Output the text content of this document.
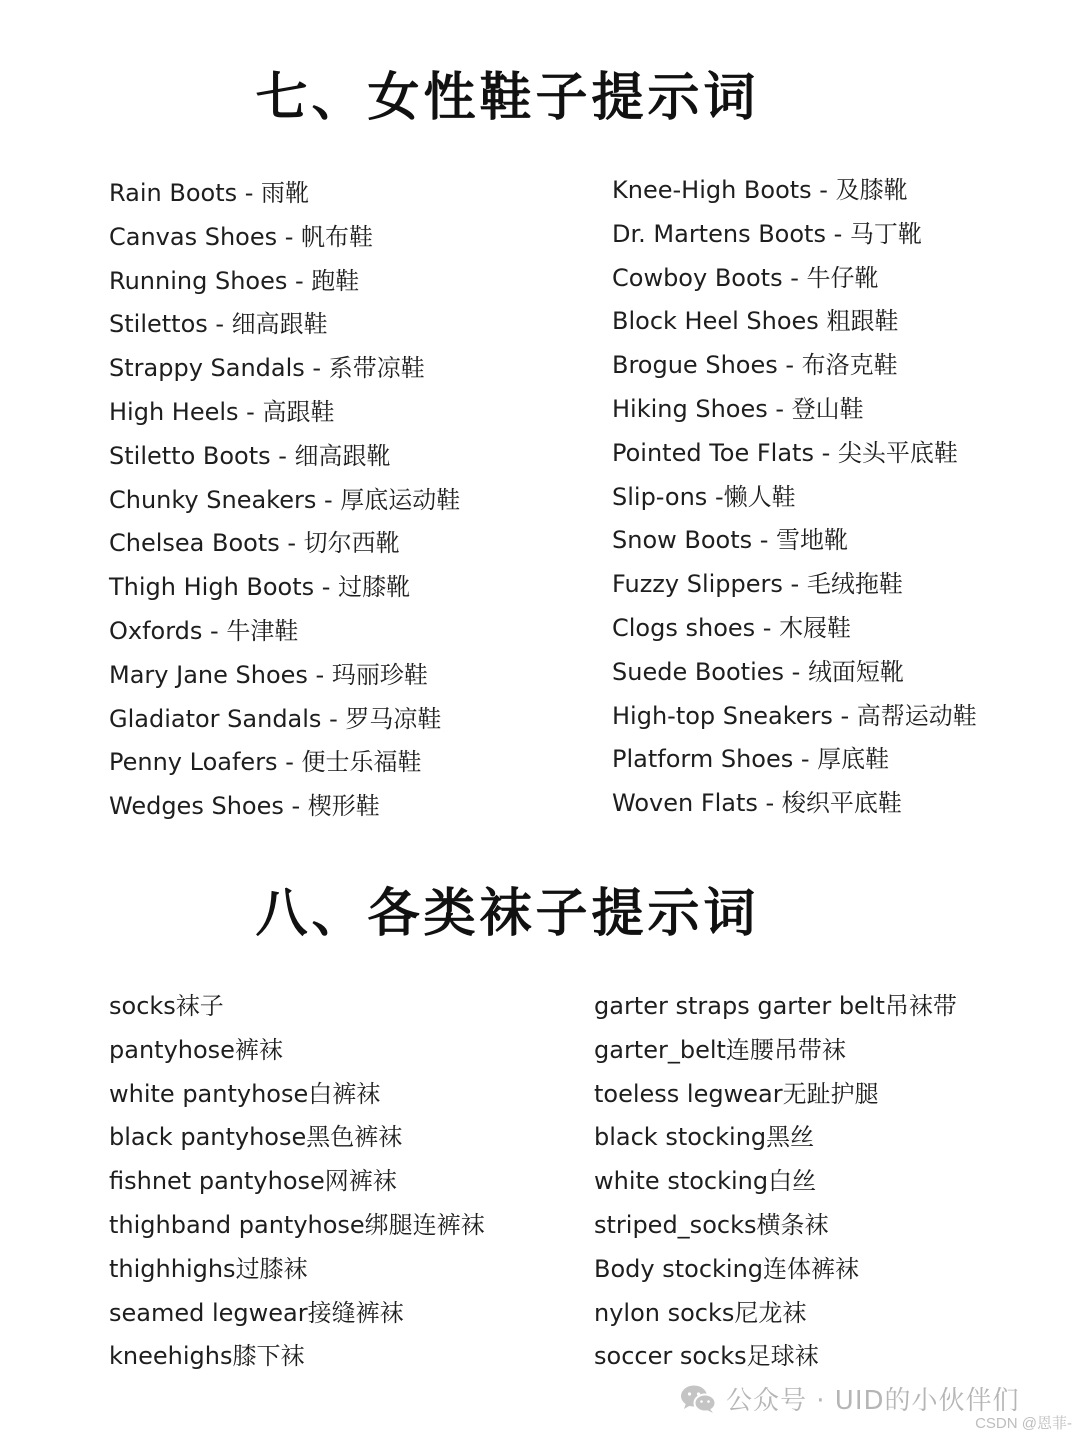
七、女性鞋子提示词
Rain Boots - 雨靴
Canvas Shoes - 帆布鞋
Running Shoes - 跑鞋
Stilettos - 细高跟鞋
Strappy Sandals - 系带凉鞋
High Heels - 高跟鞋
Stiletto Boots - 细高跟靴
Chunky Sneakers - 厚底运动鞋
Chelsea Boots - 切尔西靴
Thigh High Boots - 过膝靴
Oxfords - 牛津鞋
Mary Jane Shoes - 玛丽珍鞋
Gladiator Sandals - 罗马凉鞋
Penny Loafers - 便士乐福鞋
Wedges Shoes - 楔形鞋
Knee-High Boots - 及膝靴
Dr. Martens Boots - 马丁靴
Cowboy Boots - 牛仔靴
Block Heel Shoes 粗跟鞋
Brogue Shoes - 布洛克鞋
Hiking Shoes - 登山鞋
Pointed Toe Flats - 尖头平底鞋
Slip-ons -懒人鞋
Snow Boots - 雪地靴
Fuzzy Slippers - 毛绒拖鞋
Clogs shoes - 木屐鞋
Suede Booties - 绒面短靴
High-top Sneakers - 高帮运动鞋
Platform Shoes - 厚底鞋
Woven Flats - 梭织平底鞋
八、各类袜子提示词
socks袜子
pantyhose裤袜
white pantyhose白裤袜
black pantyhose黑色裤袜
fishnet pantyhose网裤袜
thighband pantyhose绑腿连裤袜
thighhighs过膝袜
seamed legwear接缝裤袜
kneehighs膝下袜
garter straps garter belt吊袜带
garter_belt连腰吊带袜
toeless legwear无趾护腿
black stocking黑丝
white stocking白丝
striped_socks横条袜
Body stocking连体裤袜
nylon socks尼龙袜
soccer socks足球袜
公众号 · UID的小伙伴们
CSDN @恩菲-
